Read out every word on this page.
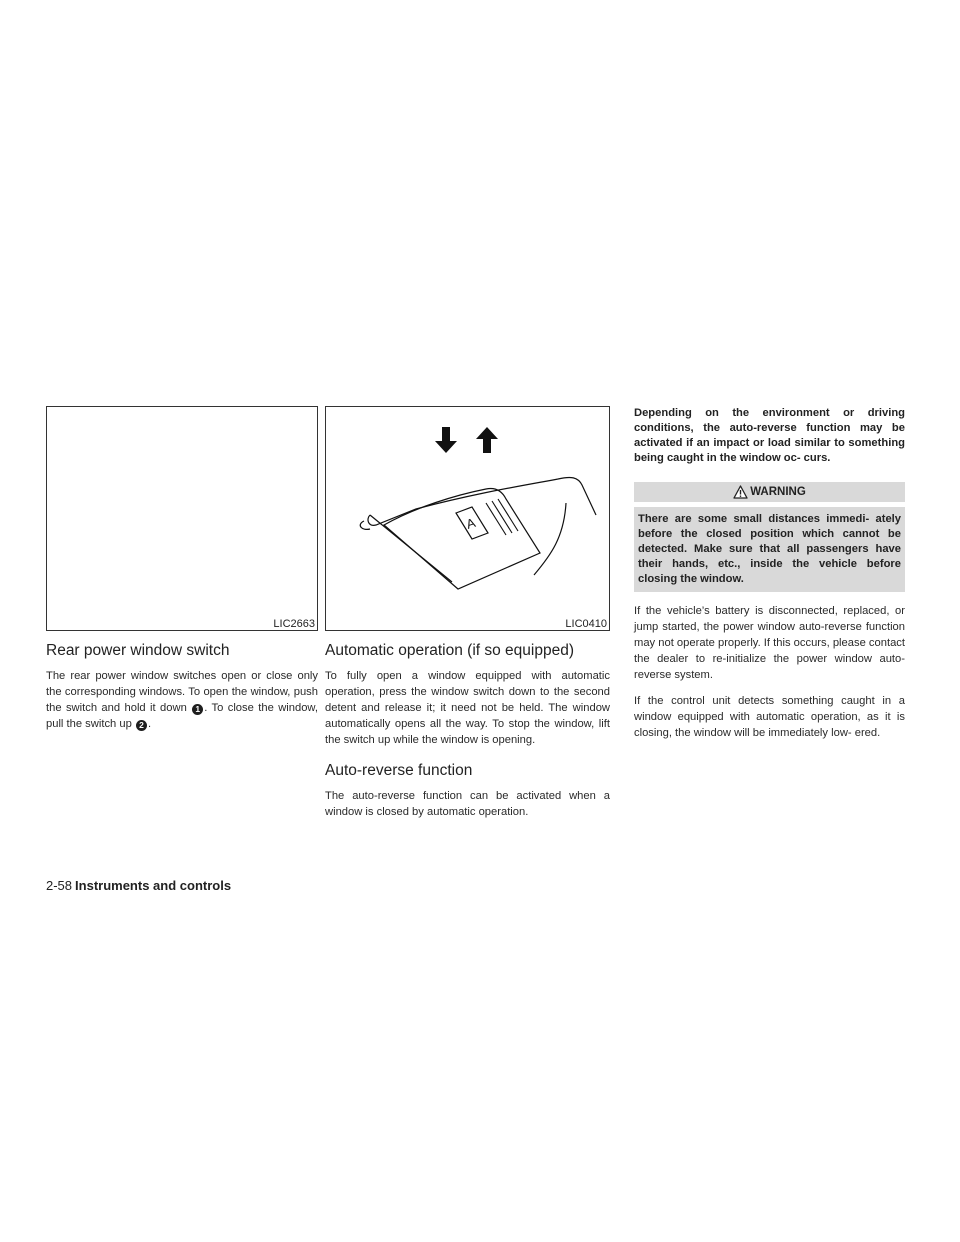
LIC2663
Rear power window switch

The rear power window switches open or close only the corresponding windows. To open the window, push the switch and hold it down 1 . To close the window, pull the switch up 2 .

A
LIC0410
Automatic operation (if so equipped)

To fully open a window equipped with automatic operation, press the window switch down to the second detent and release it; it need not be held. The window automatically opens all the way. To stop the window, lift the switch up while the window is opening.

Auto-reverse function

The auto-reverse function can be activated when a window is closed by automatic operation.

Depending on the environment or driving conditions, the auto-reverse function may be activated if an impact or load similar to something being caught in the window oc- curs.

WARNING
There are some small distances immedi- ately before the closed position which cannot be detected. Make sure that all passengers have their hands, etc., inside the vehicle before closing the window.

If the vehicle’s battery is disconnected, replaced, or jump started, the power window auto-reverse function may not operate properly. If this occurs, please contact the dealer to re-initialize the power window auto-reverse system.

If the control unit detects something caught in a window equipped with automatic operation, as it is closing, the window will be immediately low- ered.

2-58 Instruments and controls
